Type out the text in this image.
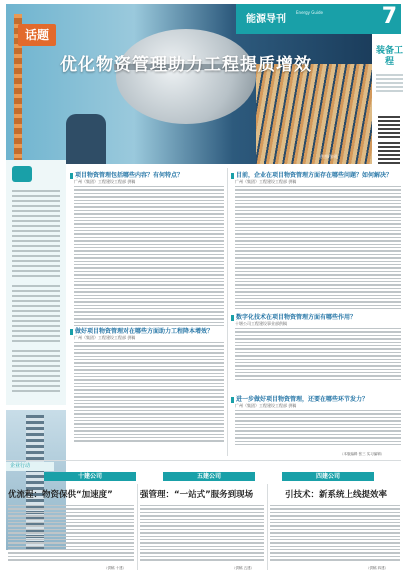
话题
优化物资管理助力工程提质增效
供图/张明
能源导刊
Energy Guide	7
装备工程
项目物资管理包括哪些内容？有何特点？
广州（集团）工程建设工程部 供稿
做好项目物资管理对在哪些方面助力工程降本增效？
广州（集团）工程建设工程部 供稿
目前，企业在项目物资管理方面存在哪些问题？如何解决？
广州（集团）工程建设工程部 供稿
数字化技术在项目物资管理方面有哪些作用？
十堰公司工程建设事业部供稿
进一步做好项目物资管理，还要在哪些环节发力？
广州（集团）工程建设工程部 供稿
（本版编辑 张三 实习编辑）
企业行动
十建公司	五建公司	四建公司
优流程：物资保供“加速度”	强管理：“一站式”服务到现场	引技术：新系统上线提效率
（供稿 十建）	（供稿 五建）	（供稿 四建）
